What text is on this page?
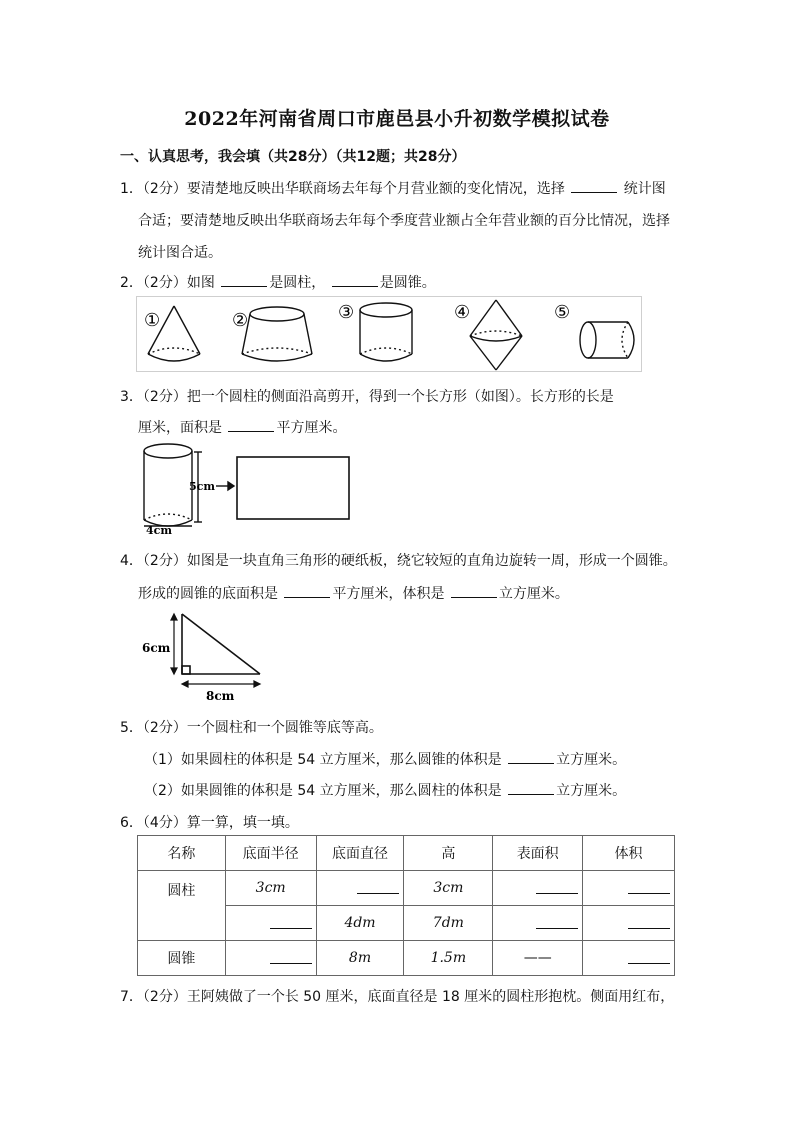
2022年河南省周口市鹿邑县小升初数学模拟试卷
一、认真思考，我会填（共28分）（共12题；共28分）
1．（2分）要清楚地反映出华联商场去年每个月营业额的变化情况，选择	统计图
合适；要清楚地反映出华联商场去年每个季度营业额占全年营业额的百分比情况，选择
统计图合适。
2．（2分）如图	是圆柱，	是圆锥。
①	②	③	④	⑤
3．（2分）把一个圆柱的侧面沿高剪开，得到一个长方形（如图）。长方形的长是
厘米，面积是	平方厘米。
5cm
4cm
4．（2分）如图是一块直角三角形的硬纸板，绕它较短的直角边旋转一周，形成一个圆锥。
形成的圆锥的底面积是	平方厘米，体积是	立方厘米。
6cm
8cm
5．（2分）一个圆柱和一个圆锥等底等高。
（1）如果圆柱的体积是 54 立方厘米，那么圆锥的体积是	立方厘米。
（2）如果圆锥的体积是 54 立方厘米，那么圆柱的体积是	立方厘米。
6．（4分）算一算，填一填。
名称	底面半径	底面直径	高	表面积	体积
圆柱	3cm		3cm		
		4dm	7dm		
圆锥		8m	1.5m	——	
7．（2分）王阿姨做了一个长 50 厘米，底面直径是 18 厘米的圆柱形抱枕。侧面用红布，
